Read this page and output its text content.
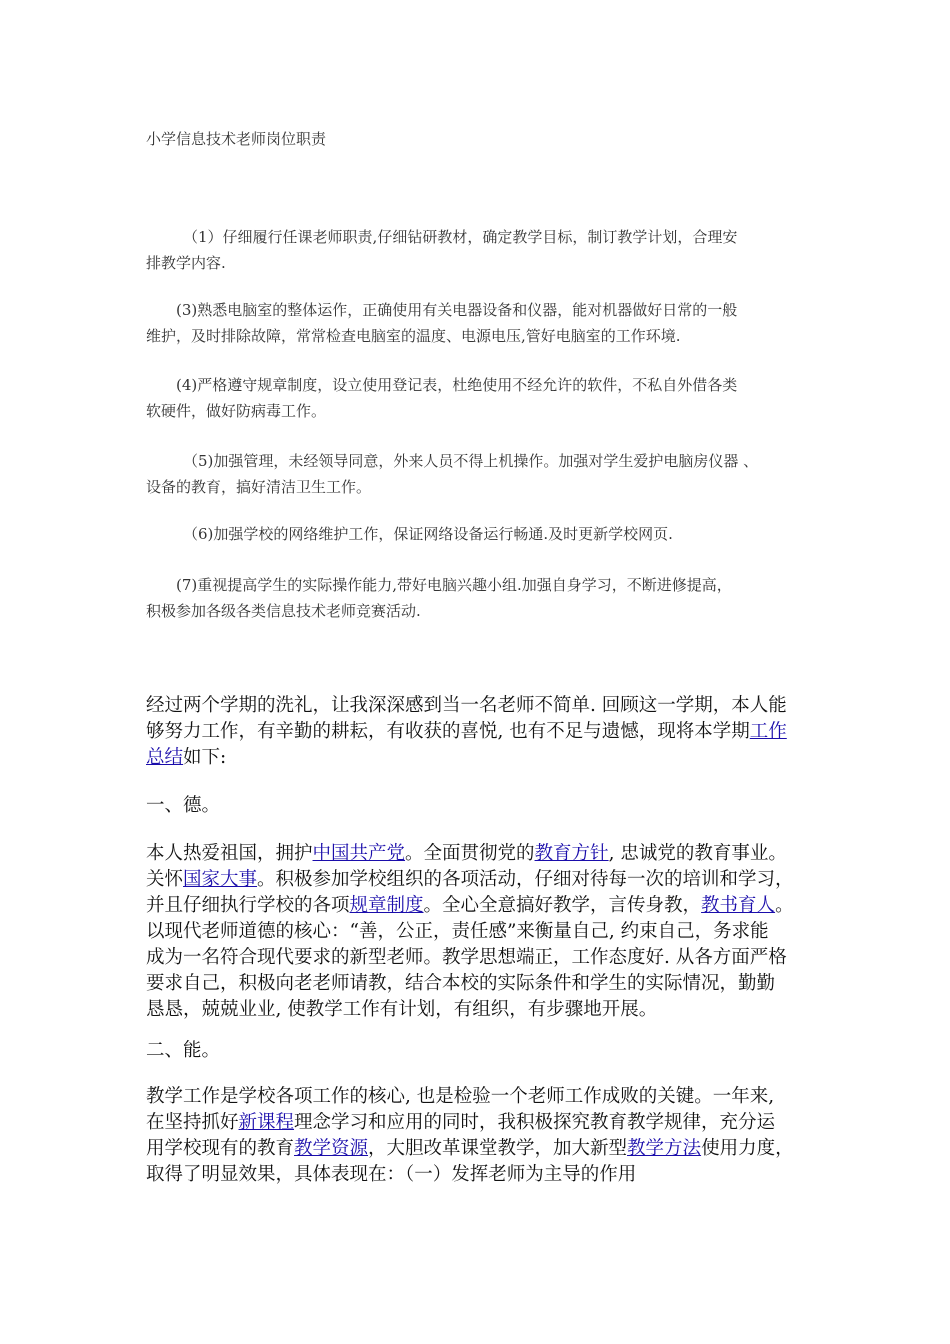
小学信息技术老师岗位职责
（1）仔细履行任课老师职责,仔细钻研教材，确定教学目标，制订教学计划，合理安
排教学内容.
(3)熟悉电脑室的整体运作，正确使用有关电器设备和仪器，能对机器做好日常的一般
维护，及时排除故障，常常检查电脑室的温度、电源电压,管好电脑室的工作环境.
(4)严格遵守规章制度，设立使用登记表，杜绝使用不经允许的软件，不私自外借各类
软硬件，做好防病毒工作。
（5)加强管理，未经领导同意，外来人员不得上机操作。加强对学生爱护电脑房仪器 、
设备的教育，搞好清洁卫生工作。
（6)加强学校的网络维护工作，保证网络设备运行畅通.及时更新学校网页.
(7)重视提高学生的实际操作能力,带好电脑兴趣小组.加强自身学习，不断进修提高，
积极参加各级各类信息技术老师竞赛活动.
经过两个学期的洗礼，让我深深感到当一名老师不简单. 回顾这一学期，本人能
够努力工作，有辛勤的耕耘，有收获的喜悦, 也有不足与遗憾，现将本学期工作
总结如下:
一、德。
本人热爱祖国，拥护中国共产党。全面贯彻党的教育方针, 忠诚党的教育事业。
关怀国家大事。积极参加学校组织的各项活动，仔细对待每一次的培训和学习，
并且仔细执行学校的各项规章制度。全心全意搞好教学，言传身教，教书育人。
以现代老师道德的核心：“善，公正，责任感”来衡量自己, 约束自己，务求能
成为一名符合现代要求的新型老师。教学思想端正，工作态度好. 从各方面严格
要求自己，积极向老老师请教，结合本校的实际条件和学生的实际情况，勤勤
恳恳，兢兢业业, 使教学工作有计划，有组织，有步骤地开展。
二、能。
教学工作是学校各项工作的核心, 也是检验一个老师工作成败的关键。一年来,
在坚持抓好新课程理念学习和应用的同时，我积极探究教育教学规律，充分运
用学校现有的教育教学资源，大胆改革课堂教学，加大新型教学方法使用力度，
取得了明显效果，具体表现在：（一）发挥老师为主导的作用
